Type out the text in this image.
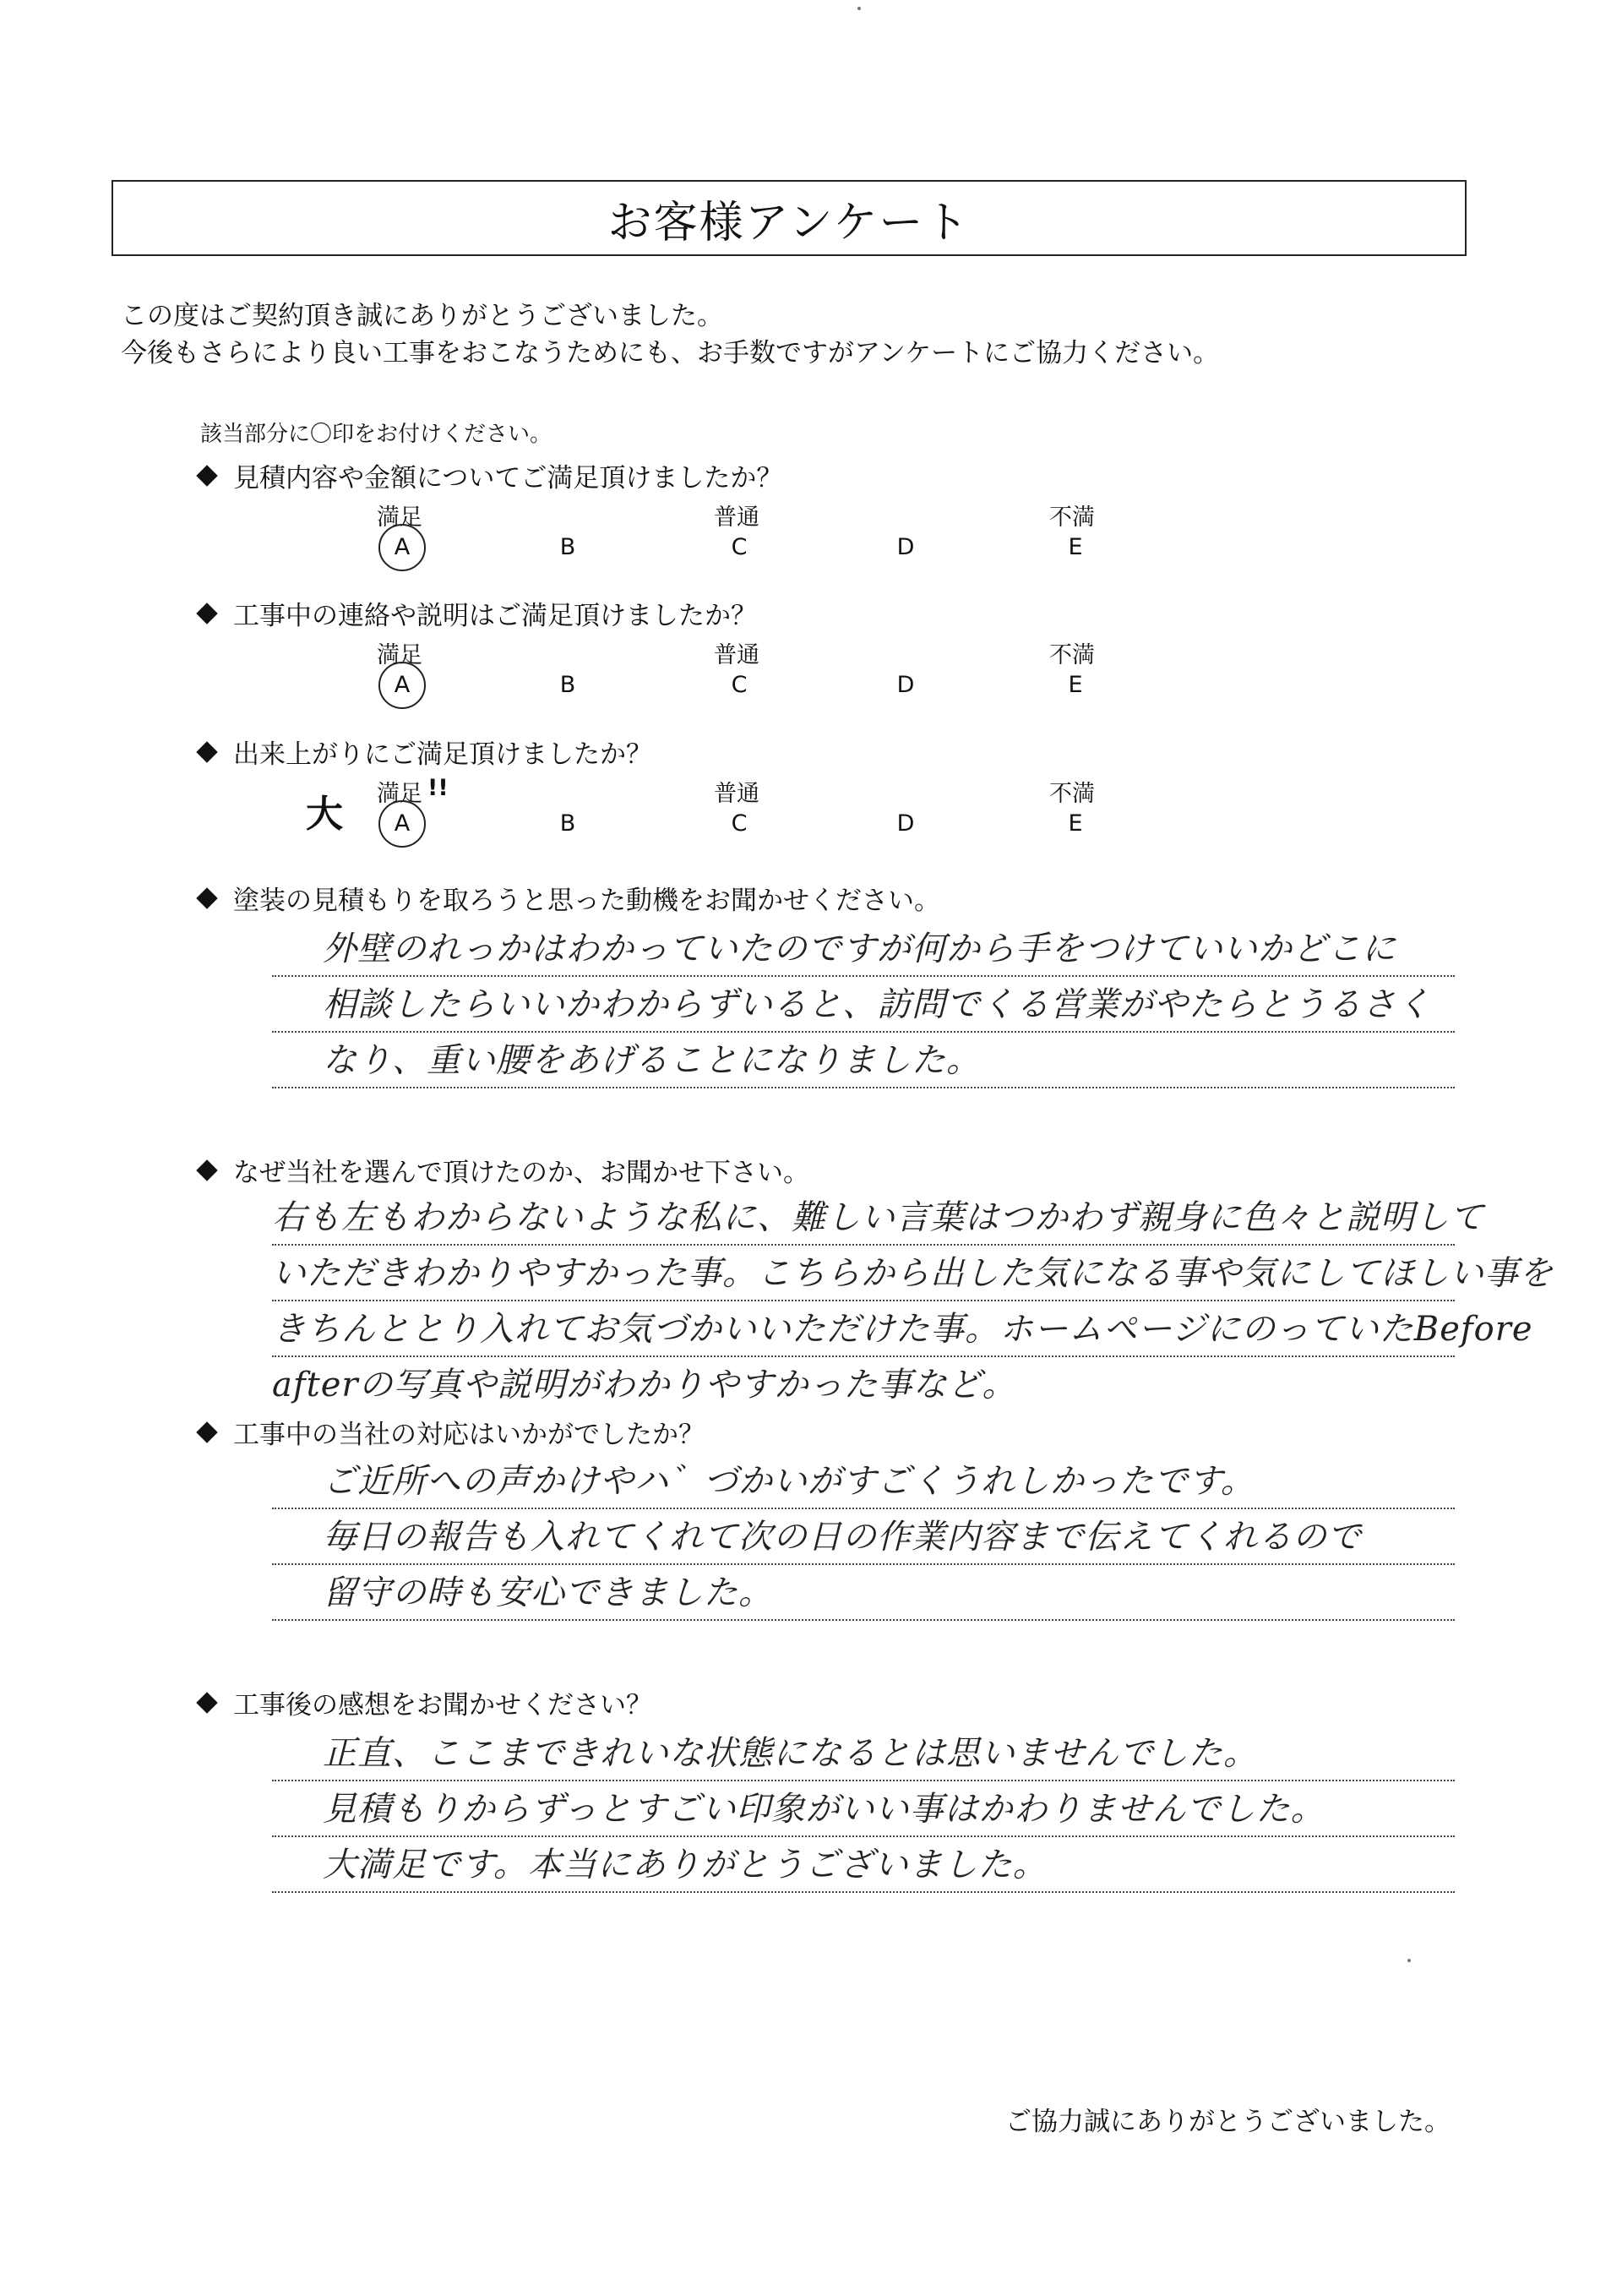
お客様アンケート
この度はご契約頂き誠にありがとうございました。
今後もさらにより良い工事をおこなうためにも、お手数ですがアンケートにご協力ください。
該当部分に〇印をお付けください。
見積内容や金額についてご満足頂けましたか？
満足	普通	不満
A	B	C	D	E
工事中の連絡や説明はご満足頂けましたか？
満足	普通	不満
A	B	C	D	E
出来上がりにご満足頂けましたか？
大 満足 !!	普通	不満
A	B	C	D	E
塗装の見積もりを取ろうと思った動機をお聞かせください。
外壁のれっかはわかっていたのですが何から手をつけていいかどこに
相談したらいいかわからずいると、訪問でくる営業がやたらとうるさく
なり、重い腰をあげることになりました。
なぜ当社を選んで頂けたのか、お聞かせ下さい。
右も左もわからないような私に、難しい言葉はつかわず親身に色々と説明して
いただきわかりやすかった事。こちらから出した気になる事や気にしてほしい事を
きちんととり入れてお気づかいいただけた事。ホームページにのっていたBefore
afterの写真や説明がわかりやすかった事など。
工事中の当社の対応はいかがでしたか？
ご近所への声かけやハ゛づかいがすごくうれしかったです。
毎日の報告も入れてくれて次の日の作業内容まで伝えてくれるので
留守の時も安心できました。
工事後の感想をお聞かせください？
正直、ここまできれいな状態になるとは思いませんでした。
見積もりからずっとすごい印象がいい事はかわりませんでした。
大満足です。本当にありがとうございました。
ご協力誠にありがとうございました。
